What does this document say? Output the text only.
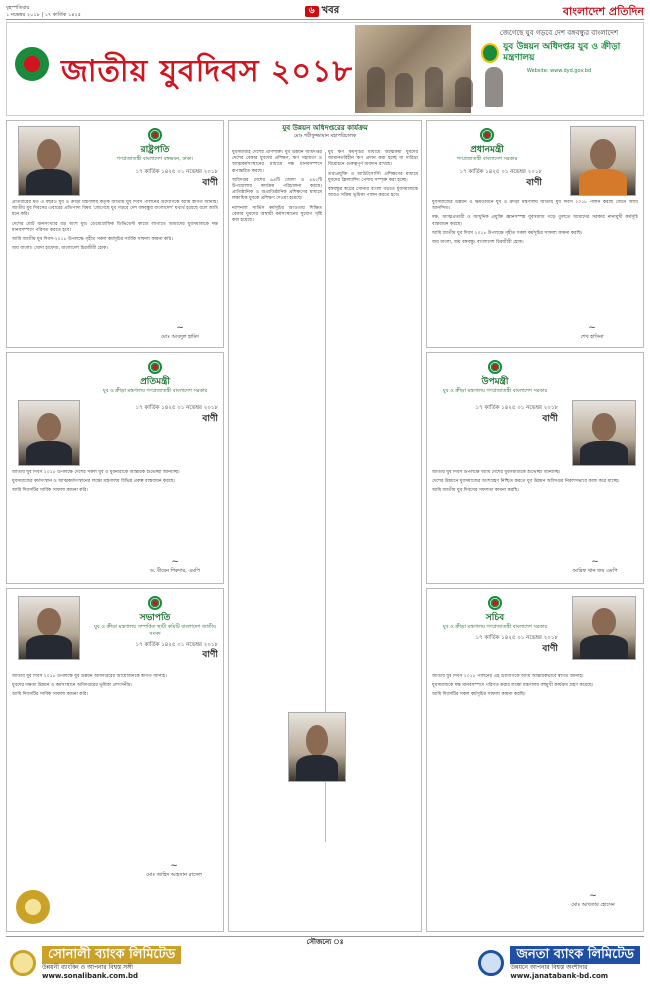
বৃহস্পতিবার
১ নভেম্বর ২০১৮ | ১৭ কার্তিক ১৪২৫	৬ খবর	বাংলাদেশ প্রতিদিন
জাতীয় যুবদিবস ২০১৮
জেগেছে যুব গড়বে দেশ বঙ্গবন্ধুর বাংলাদেশ
যুব উন্নয়ন অধিদপ্তর যুব ও ক্রীড়া মন্ত্রণালয়
Website: www.dyd.gov.bd
রাষ্ট্রপতি
গণপ্রজাতন্ত্রী বাংলাদেশ বঙ্গভবন, ঢাকা।
১৭ কার্তিক ১৪২৫ ০১ নভেম্বর ২০১৮
বাণী

প্রতিবারের মত এ বছরও যুব ও ক্রীড়া মন্ত্রণালয় কর্তৃক জাতীয় যুব দিবস পালনের উদ্যোগকে আমি স্বাগত জানাই। জাতীয় যুব দিবসের এবারের প্রতিপাদ্য বিষয় 'জেগেছে যুব গড়বে দেশ বঙ্গবন্ধুর বাংলাদেশ' যথার্থ হয়েছে বলে আমি মনে করি।

দেশের মোট জনসংখ্যার বড় অংশ যুব। ডেমোগ্রাফিক ডিভিডেন্ট কাজে লাগাতে আমাদের যুবসমাজকে দক্ষ মানবসম্পদে পরিণত করতে হবে।

আমি জাতীয় যুব দিবস-২০১৮ উপলক্ষে গৃহীত সকল কর্মসূচির সার্বিক সাফল্য কামনা করি।

জয় বাংলা। খোদা হাফেজ, বাংলাদেশ চিরজীবী হোক।

~
মোঃ আবদুল হামিদ
যুব উন্নয়ন অধিদপ্তরের কার্যক্রম
মোঃ শরীফুজ্জামান মহাপরিচালক

যুবসমাজই দেশের প্রাণশক্তি। যুব উন্নয়ন অধিদপ্তর দেশের বেকার যুবদের প্রশিক্ষণ, ঋণ সহায়তা ও আত্মকর্মসংস্থানের মাধ্যমে দক্ষ মানবসম্পদে রূপান্তরিত করছে।

অধিদপ্তর দেশের ৬৪টি জেলা ও ৪৯২টি উপজেলায় কার্যক্রম পরিচালনা করছে। প্রাতিষ্ঠানিক ও অপ্রাতিষ্ঠানিক প্রশিক্ষণের মাধ্যমে লক্ষাধিক যুবকে প্রশিক্ষণ দেওয়া হয়েছে।

ন্যাশনাল সার্ভিস কর্মসূচির আওতায় শিক্ষিত বেকার যুবদের অস্থায়ী কর্মসংস্থানের সুযোগ সৃষ্টি করা হয়েছে।

যুব ঋণ কর্মসূচির মাধ্যমে আত্মকর্মী যুবদের জামানতবিহীন ঋণ প্রদান করা হচ্ছে যা দারিদ্র্য বিমোচনে গুরুত্বপূর্ণ অবদান রাখছে।

তথ্যপ্রযুক্তি ও আউটসোর্সিং প্রশিক্ষণের মাধ্যমে যুবদের ফ্রিল্যান্সিং পেশায় সম্পৃক্ত করা হচ্ছে।

বঙ্গবন্ধুর স্বপ্নের সোনার বাংলা গড়তে যুবসমাজকে আরও সক্রিয় ভূমিকা পালন করতে হবে।

প্রধানমন্ত্রী
গণপ্রজাতন্ত্রী বাংলাদেশ সরকার
১৭ কার্তিক ১৪২৫ ০১ নভেম্বর ২০১৮
বাণী

যুবসমাজের উন্নয়ন ও ক্ষমতায়নে যুব ও ক্রীড়া মন্ত্রণালয় জাতীয় যুব দিবস ২০১৮ পালন করছে জেনে আমি আনন্দিত।

দক্ষ, আত্মপ্রত্যয়ী ও আধুনিক প্রযুক্তি জ্ঞানসম্পন্ন যুবসমাজ গড়ে তুলতে আমাদের সরকার নানামুখী কর্মসূচি বাস্তবায়ন করছে।

আমি জাতীয় যুব দিবস ২০১৮ উপলক্ষে গৃহীত সকল কর্মসূচির সাফল্য কামনা করছি।

জয় বাংলা, জয় বঙ্গবন্ধু। বাংলাদেশ চিরজীবী হোক।

~
শেখ হাসিনা
প্রতিমন্ত্রী
যুব ও ক্রীড়া মন্ত্রণালয় গণপ্রজাতন্ত্রী বাংলাদেশ সরকার
১৭ কার্তিক ১৪২৫ ০১ নভেম্বর ২০১৮
বাণী

জাতীয় যুব দিবস ২০১৮ উপলক্ষে দেশের সকল যুব ও যুবনারীকে আন্তরিক শুভেচ্ছা জানাচ্ছি।

যুবসমাজের কর্মসংস্থান ও আত্মকর্মসংস্থানের লক্ষ্যে মন্ত্রণালয় বিভিন্ন প্রকল্প বাস্তবায়ন করছে।

আমি দিবসটির সার্বিক সাফল্য কামনা করি।

~
ড. বীরেন শিকদার, এমপি
উপমন্ত্রী
যুব ও ক্রীড়া মন্ত্রণালয় গণপ্রজাতন্ত্রী বাংলাদেশ সরকার
১৭ কার্তিক ১৪২৫ ০১ নভেম্বর ২০১৮
বাণী

জাতীয় যুব দিবস উপলক্ষে আমি দেশের যুবসমাজকে শুভেচ্ছা জানাচ্ছি।

দেশের উন্নয়নে যুবসমাজের অংশগ্রহণ নিশ্চিত করতে যুব উন্নয়ন অধিদপ্তর নিরলসভাবে কাজ করে যাচ্ছে।

আমি জাতীয় যুব দিবসের সফলতা কামনা করছি।

~
আরিফ খান জয় এমপি
সভাপতি
যুব ও ক্রীড়া মন্ত্রণালয় সম্পর্কিত স্থায়ী কমিটি বাংলাদেশ জাতীয় সংসদ
১৭ কার্তিক ১৪২৫ ০১ নভেম্বর ২০১৮
বাণী

জাতীয় যুব দিবস ২০১৮ উপলক্ষে যুব উন্নয়ন অধিদপ্তরের আয়োজনকে স্বাগত জানাই।

যুবদের দক্ষতা উন্নয়ন ও কর্মসংস্থানে অধিদপ্তরের ভূমিকা প্রশংসনীয়।

আমি দিবসটির সার্বিক সাফল্য কামনা করি।

~
মোঃ জাহিদ আহসান রাসেল
সচিব
যুব ও ক্রীড়া মন্ত্রণালয় গণপ্রজাতন্ত্রী বাংলাদেশ সরকার
১৭ কার্তিক ১৪২৫ ০১ নভেম্বর ২০১৮
বাণী

জাতীয় যুব দিবস ২০১৮ পালনের এই উদ্যোগকে আমি আন্তরিকভাবে স্বাগত জানাই।

যুবসমাজকে দক্ষ মানবসম্পদে পরিণত করার লক্ষ্যে মন্ত্রণালয় বহুমুখী কার্যক্রম গ্রহণ করেছে।

আমি দিবসটির সকল কর্মসূচির সাফল্য কামনা করছি।

~
মোঃ আখতার হোসেন
সৌজন্যে ঃ
সোনালী ব্যাংক লিমিটেড
উন্নয়নী ব্যাংকিং ও আপনার বিশ্বস্ত সঙ্গী
www.sonalibank.com.bd
জনতা ব্যাংক লিমিটেড
উন্নয়নে আপনার বিশ্বস্ত অংশীদার
www.janatabank-bd.com
